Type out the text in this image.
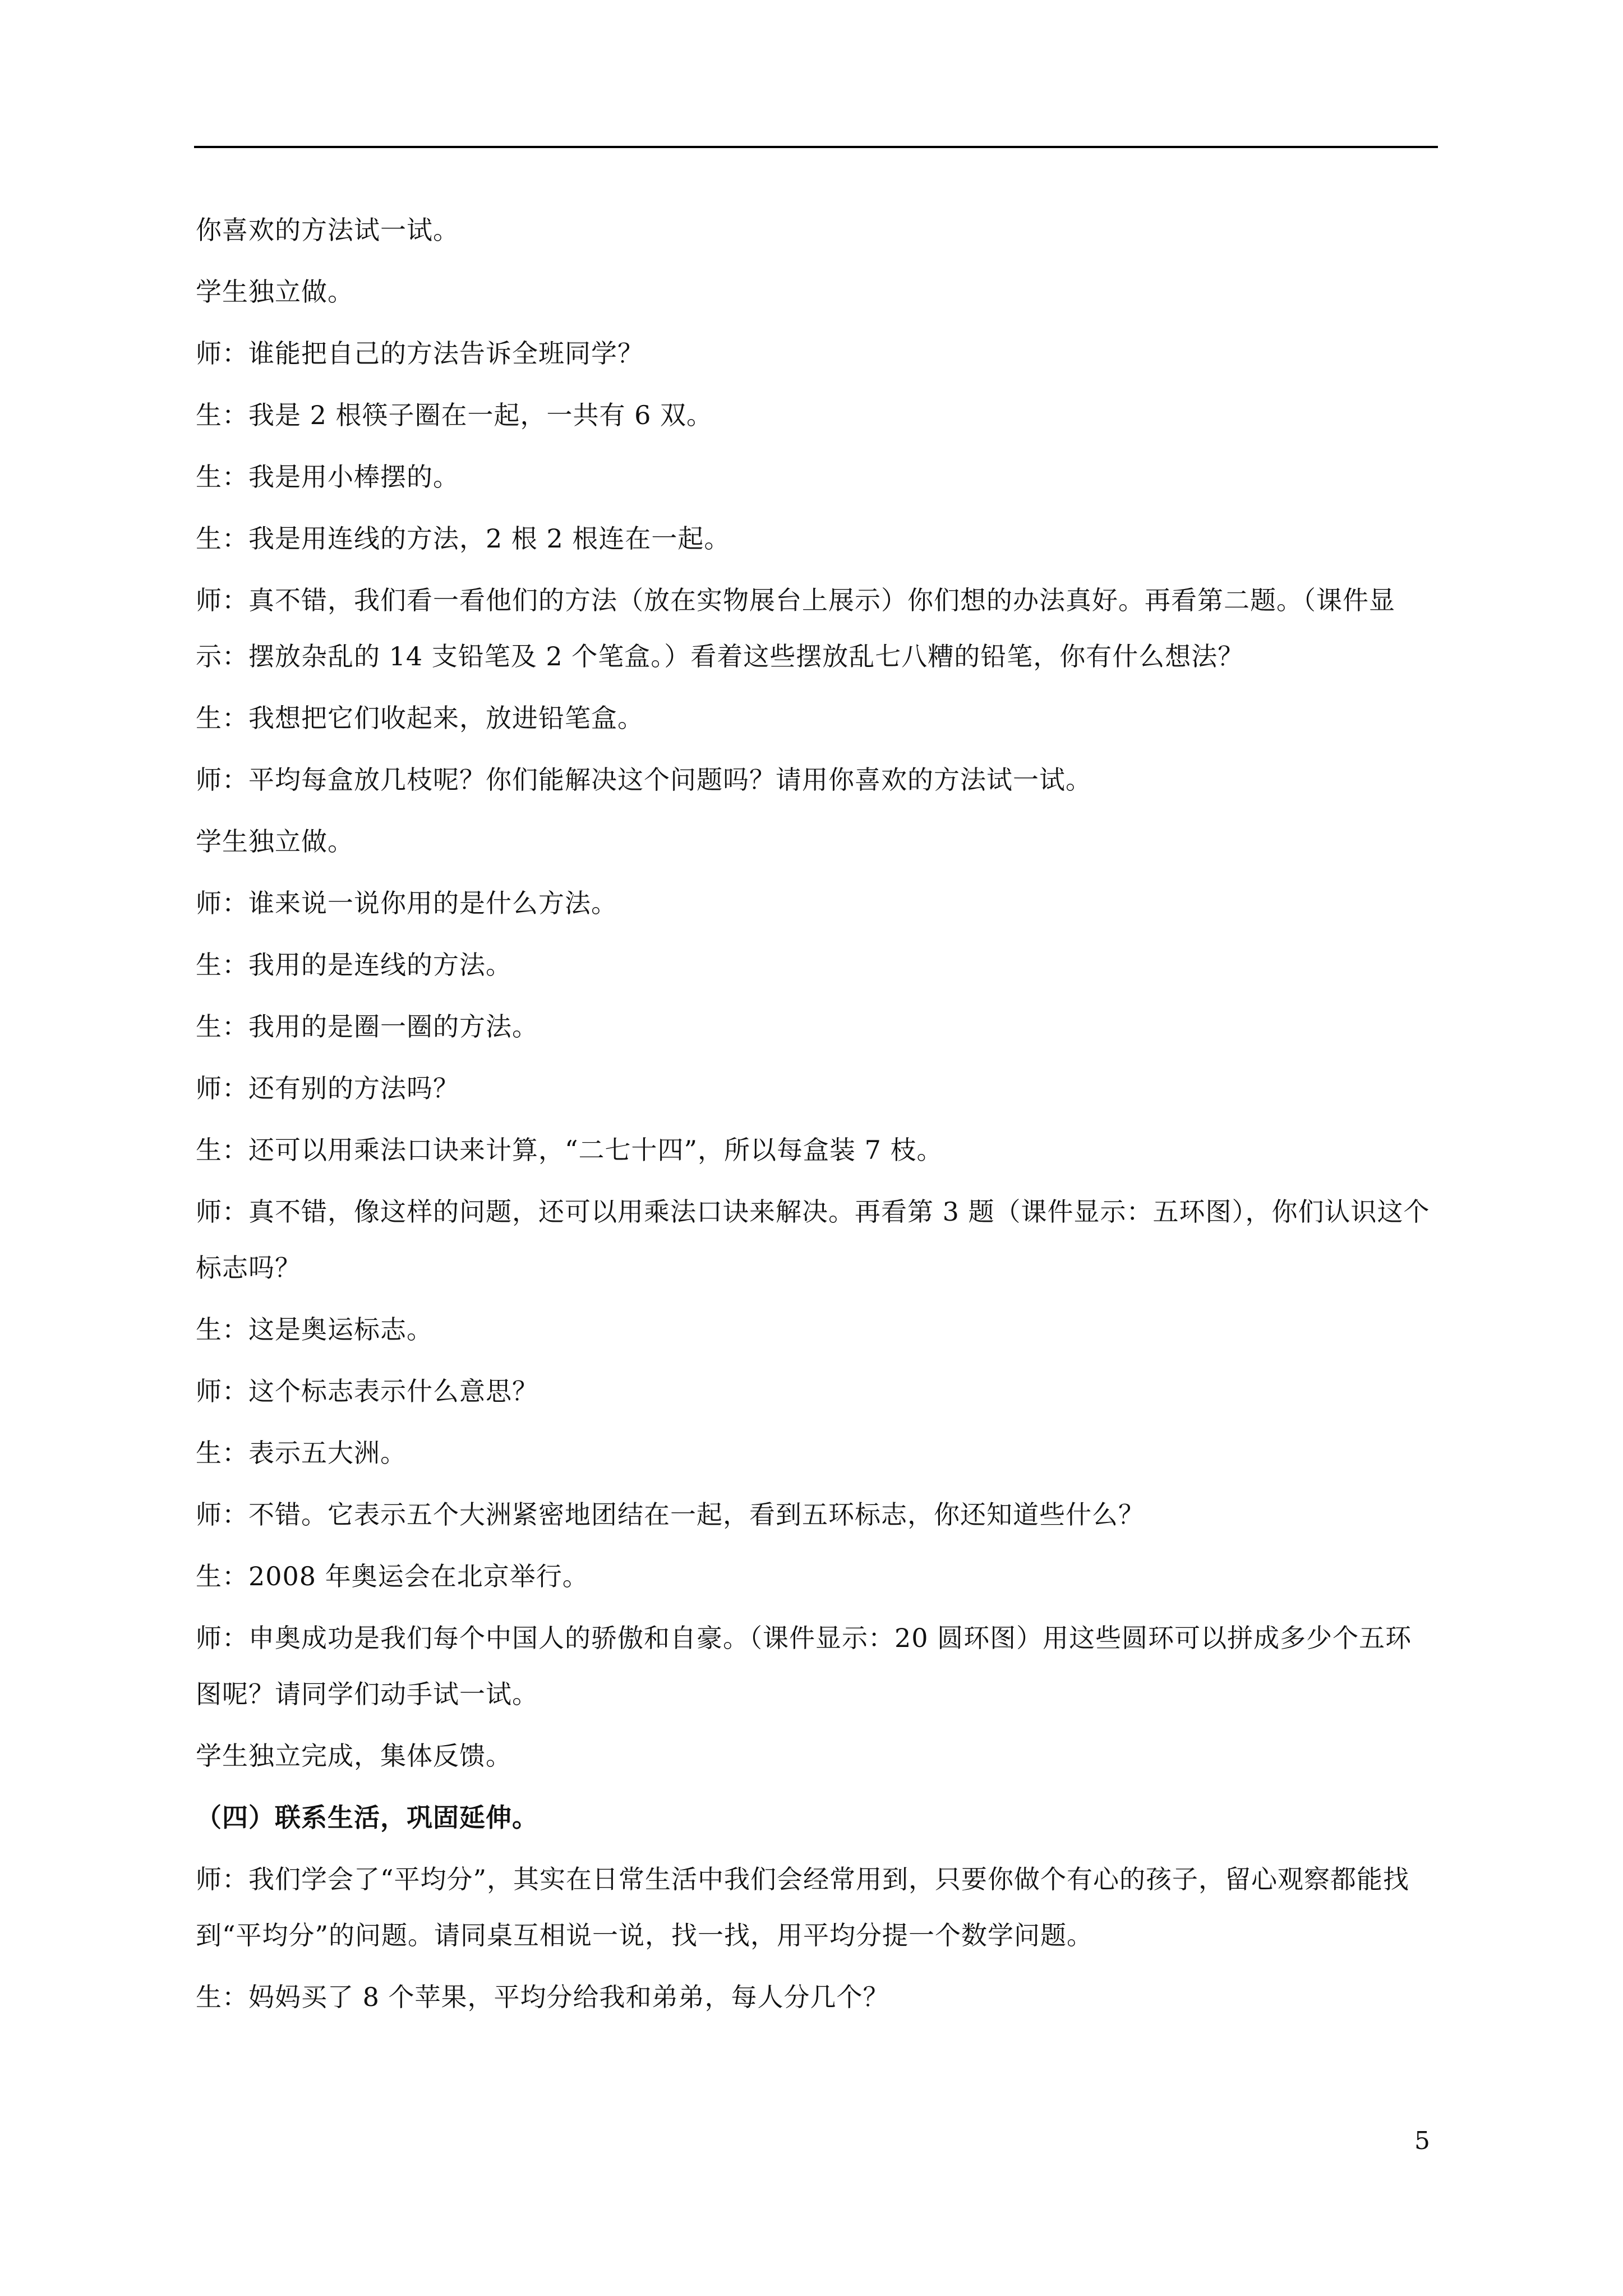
你喜欢的方法试一试。

学生独立做。

师：谁能把自己的方法告诉全班同学？

生：我是 2 根筷子圈在一起，一共有 6 双。

生：我是用小棒摆的。

生：我是用连线的方法，2 根 2 根连在一起。

师：真不错，我们看一看他们的方法（放在实物展台上展示）你们想的办法真好。再看第二题。（课件显示：摆放杂乱的 14 支铅笔及 2 个笔盒。）看着这些摆放乱七八糟的铅笔，你有什么想法？

生：我想把它们收起来，放进铅笔盒。

师：平均每盒放几枝呢？你们能解决这个问题吗？请用你喜欢的方法试一试。

学生独立做。

师：谁来说一说你用的是什么方法。

生：我用的是连线的方法。

生：我用的是圈一圈的方法。

师：还有别的方法吗？

生：还可以用乘法口诀来计算，“二七十四”，所以每盒装 7 枝。

师：真不错，像这样的问题，还可以用乘法口诀来解决。再看第 3 题（课件显示：五环图），你们认识这个标志吗？

生：这是奥运标志。

师：这个标志表示什么意思？

生：表示五大洲。

师：不错。它表示五个大洲紧密地团结在一起，看到五环标志，你还知道些什么？

生：2008 年奥运会在北京举行。

师：申奥成功是我们每个中国人的骄傲和自豪。（课件显示：20 圆环图）用这些圆环可以拼成多少个五环图呢？请同学们动手试一试。

学生独立完成，集体反馈。

（四）联系生活，巩固延伸。

师：我们学会了“平均分”，其实在日常生活中我们会经常用到，只要你做个有心的孩子，留心观察都能找到“平均分”的问题。请同桌互相说一说，找一找，用平均分提一个数学问题。

生：妈妈买了 8 个苹果，平均分给我和弟弟，每人分几个？

5
